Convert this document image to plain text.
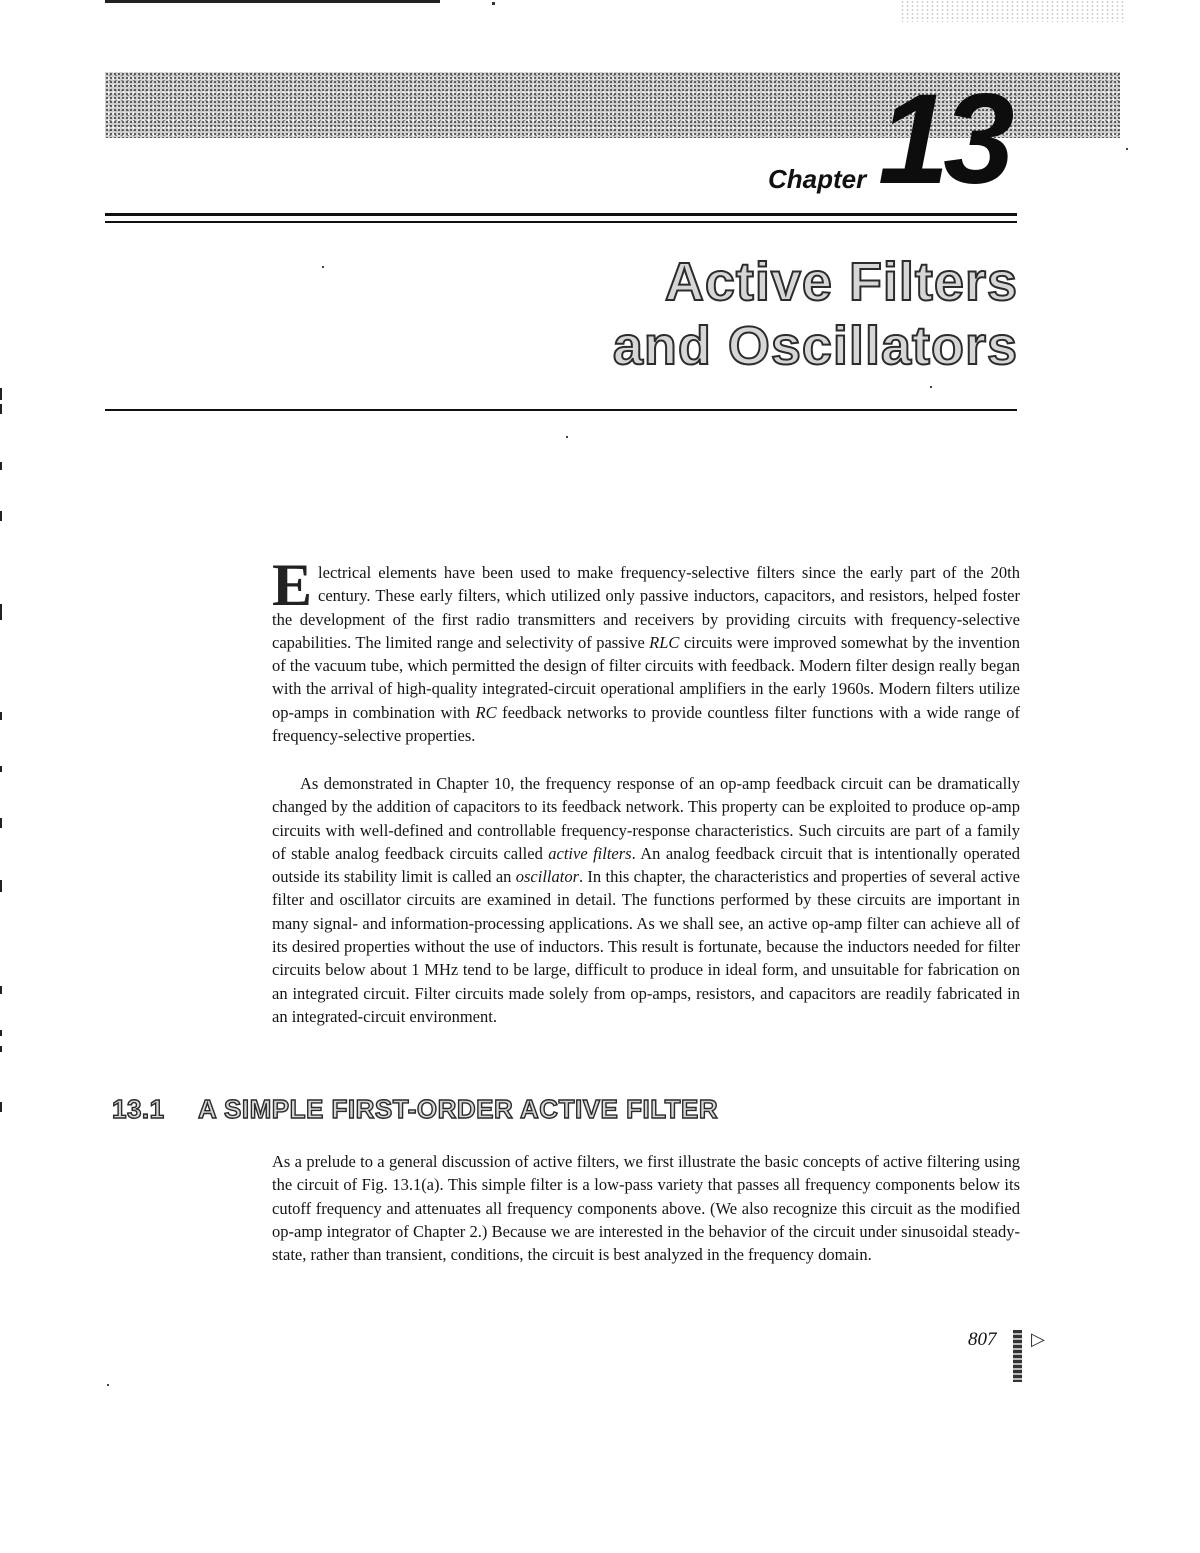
Chapter 13
Active Filters
and Oscillators
Electrical elements have been used to make frequency-selective filters since the early part of the 20th century. These early filters, which utilized only passive inductors, capacitors, and resistors, helped foster the development of the first radio transmitters and receivers by providing circuits with frequency-selective capabilities. The limited range and selectivity of passive RLC circuits were improved somewhat by the invention of the vacuum tube, which permitted the design of filter circuits with feedback. Modern filter design really began with the arrival of high-quality integrated-circuit operational amplifiers in the early 1960s. Modern filters utilize op-amps in combination with RC feedback networks to provide countless filter functions with a wide range of frequency-selective properties.
As demonstrated in Chapter 10, the frequency response of an op-amp feedback circuit can be dramatically changed by the addition of capacitors to its feedback network. This property can be exploited to produce op-amp circuits with well-defined and controllable frequency-response characteristics. Such circuits are part of a family of stable analog feedback circuits called active filters. An analog feedback circuit that is intentionally operated outside its stability limit is called an oscillator. In this chapter, the characteristics and properties of several active filter and oscillator circuits are examined in detail. The functions performed by these circuits are important in many signal- and information-processing applications. As we shall see, an active op-amp filter can achieve all of its desired properties without the use of inductors. This result is fortunate, because the inductors needed for filter circuits below about 1 MHz tend to be large, difficult to produce in ideal form, and unsuitable for fabrication on an integrated circuit. Filter circuits made solely from op-amps, resistors, and capacitors are readily fabricated in an integrated-circuit environment.
13.1 A SIMPLE FIRST-ORDER ACTIVE FILTER
As a prelude to a general discussion of active filters, we first illustrate the basic concepts of active filtering using the circuit of Fig. 13.1(a). This simple filter is a low-pass variety that passes all frequency components below its cutoff frequency and attenuates all frequency components above. (We also recognize this circuit as the modified op-amp integrator of Chapter 2.) Because we are interested in the behavior of the circuit under sinusoidal steady-state, rather than transient, conditions, the circuit is best analyzed in the frequency domain.
807 ▷
